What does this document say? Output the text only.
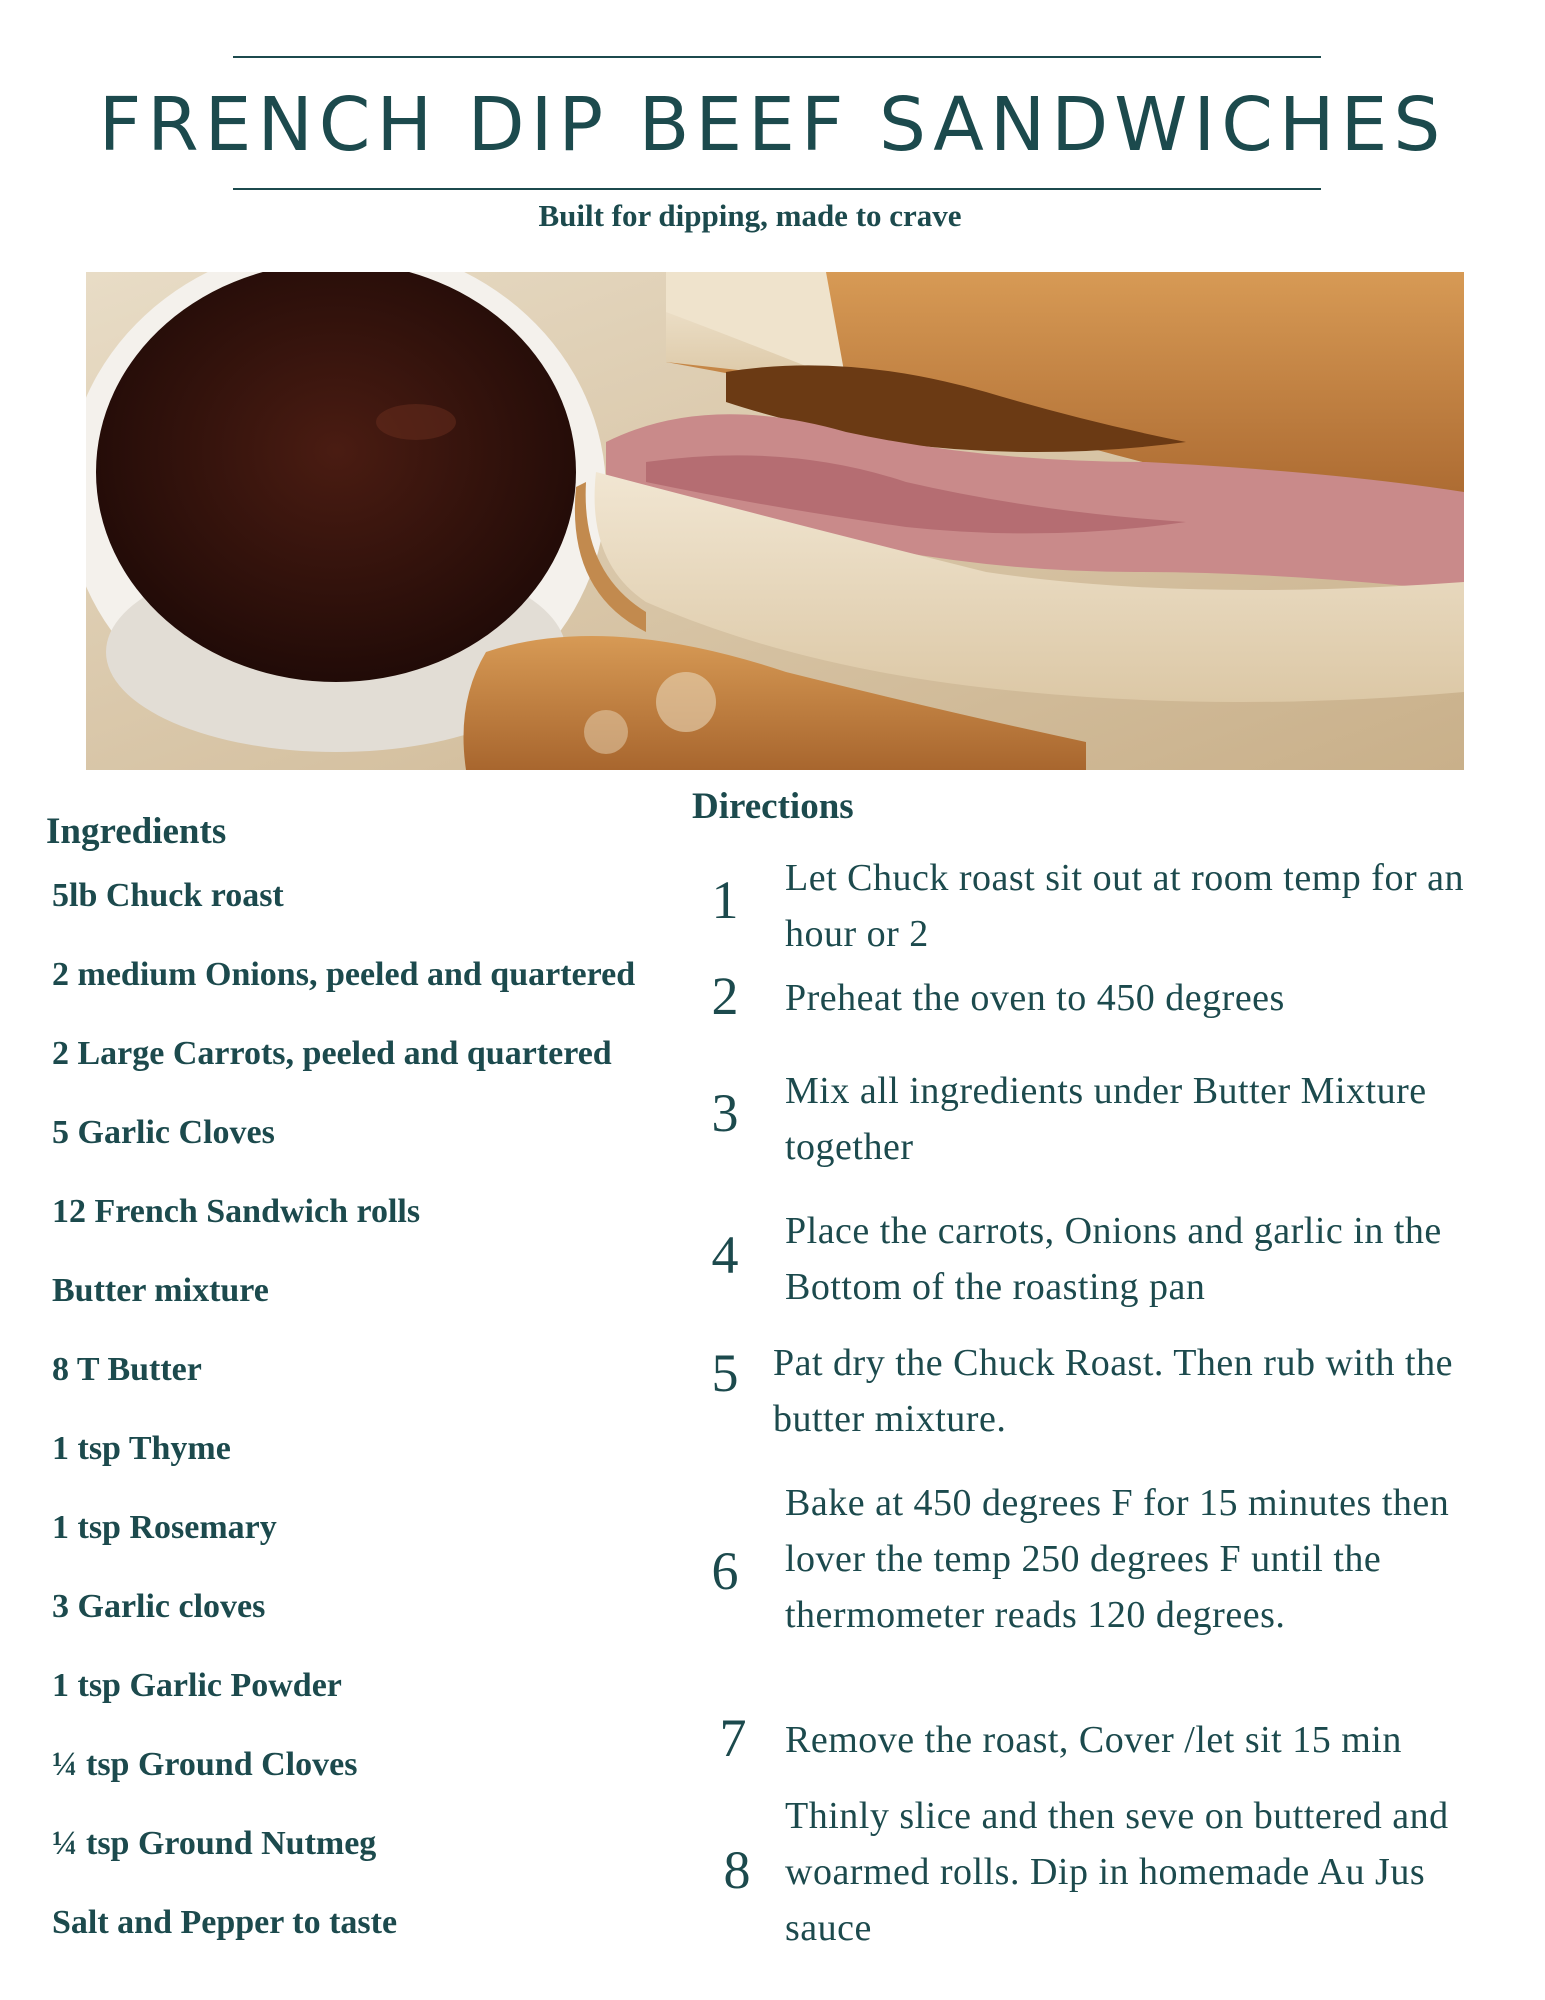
FRENCH DIP BEEF SANDWICHES

Built for dipping, made to crave

Ingredients
5lb Chuck roast
2 medium Onions, peeled and quartered
2 Large Carrots, peeled and quartered
5 Garlic Cloves
12 French Sandwich rolls
Butter mixture
8 T Butter
1 tsp Thyme
1 tsp Rosemary
3 Garlic cloves
1 tsp Garlic Powder
¼ tsp Ground Cloves
¼ tsp Ground Nutmeg
Salt and Pepper to taste
Directions
1	Let Chuck roast sit out at room temp for an hour or 2
2	Preheat the oven to 450 degrees
3	Mix all ingredients under Butter Mixture together
4	Place the carrots, Onions and garlic in the Bottom of the roasting pan
5 Pat dry the Chuck Roast. Then rub with the butter mixture.
6
Bake at 450 degrees F for 15 minutes then lover the temp 250 degrees F until the thermometer reads 120 degrees.
7	Remove the roast, Cover /let sit 15 min
8
Thinly slice and then seve on buttered and woarmed rolls. Dip in homemade Au Jus sauce
